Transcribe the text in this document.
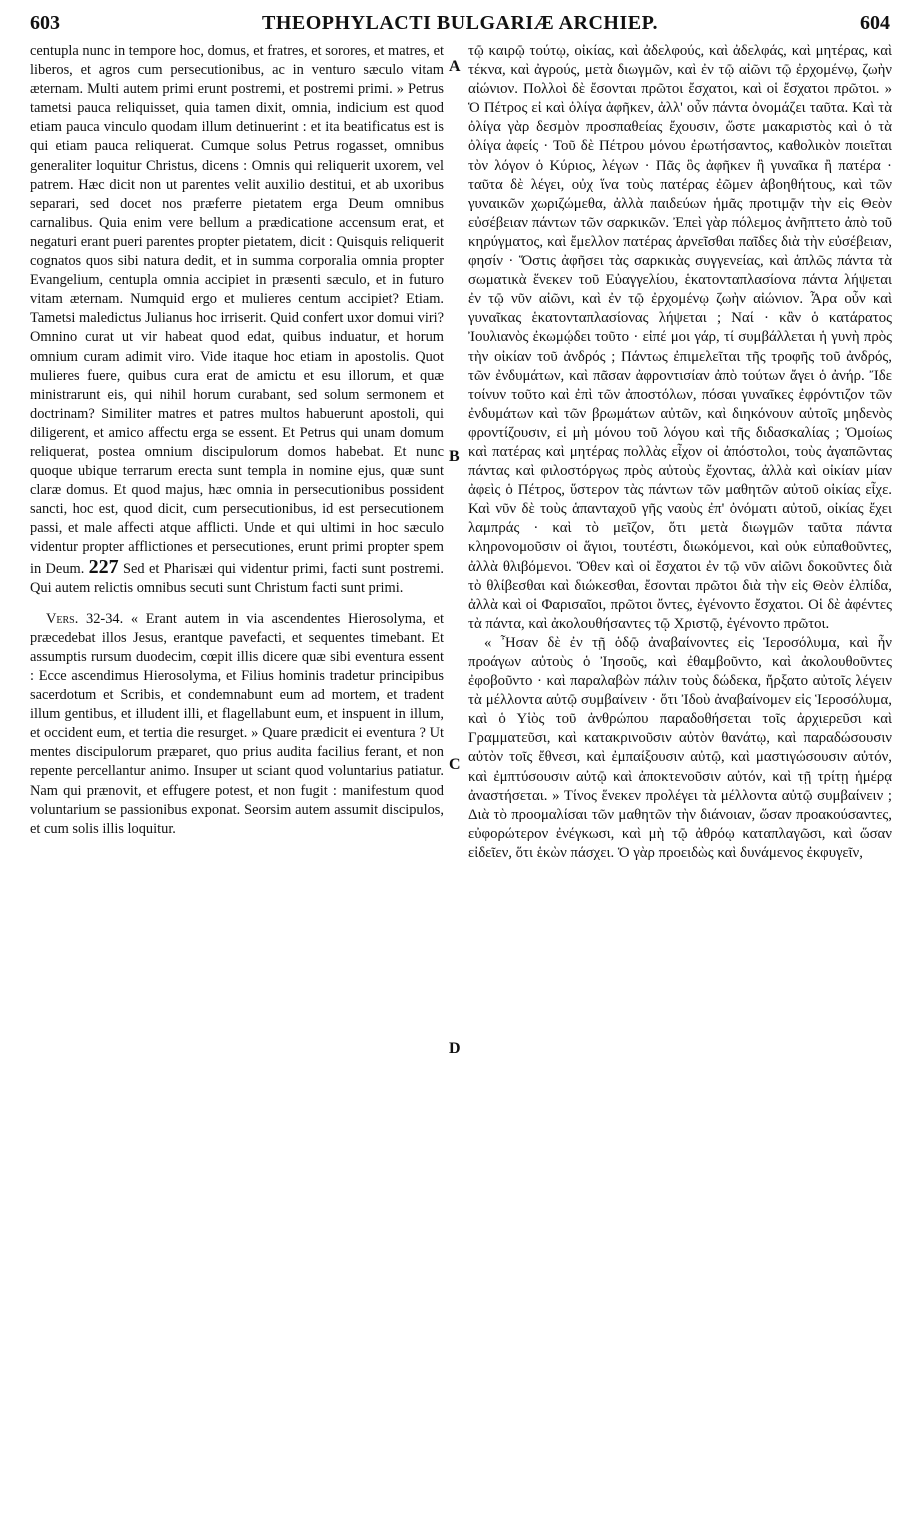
603	THEOPHYLACTI BULGARIÆ ARCHIEP.	604
A
B
C
D

centupla nunc in tempore hoc, domus, et fratres, et sorores, et matres, et liberos, et agros cum persecutionibus, ac in venturo sæculo vitam æternam. Multi autem primi erunt postremi, et postremi primi. » Petrus tametsi pauca reliquisset, quia tamen dixit, omnia, indicium est quod etiam pauca vinculo quodam illum detinuerint : et ita beatificatus est is qui etiam pauca reliquerat. Cumque solus Petrus rogasset, omnibus generaliter loquitur Christus, dicens : Omnis qui reliquerit uxorem, vel patrem. Hæc dicit non ut parentes velit auxilio destitui, et ab uxoribus separari, sed docet nos præferre pietatem erga Deum omnibus carnalibus. Quia enim vere bellum a prædicatione accensum erat, et negaturi erant pueri parentes propter pietatem, dicit : Quisquis reliquerit cognatos quos sibi natura dedit, et in summa corporalia omnia propter Evangelium, centupla omnia accipiet in præsenti sæculo, et in futuro vitam æternam. Numquid ergo et mulieres centum accipiet? Etiam. Tametsi maledictus Julianus hoc irriserit. Quid confert uxor domui viri? Omnino curat ut vir habeat quod edat, quibus induatur, et horum omnium curam adimit viro. Vide itaque hoc etiam in apostolis. Quot mulieres fuere, quibus cura erat de amictu et esu illorum, et quæ ministrarunt eis, qui nihil horum curabant, sed solum sermonem et doctrinam? Similiter matres et patres multos habuerunt apostoli, qui diligerent, et amico affectu erga se essent. Et Petrus qui unam domum reliquerat, postea omnium discipulorum domos habebat. Et nunc quoque ubique terrarum erecta sunt templa in nomine ejus, quæ sunt claræ domus. Et quod majus, hæc omnia in persecutionibus possident sancti, hoc est, quod dicit, cum persecutionibus, id est persecutionem passi, et male affecti atque afflicti. Unde et qui ultimi in hoc sæculo videntur propter afflictiones et persecutiones, erunt primi propter spem in Deum. 227 Sed et Pharisæi qui videntur primi, facti sunt postremi. Qui autem relictis omnibus secuti sunt Christum facti sunt primi.

Vers. 32-34. « Erant autem in via ascendentes Hierosolyma, et præcedebat illos Jesus, erantque pavefacti, et sequentes timebant. Et assumptis rursum duodecim, cœpit illis dicere quæ sibi eventura essent : Ecce ascendimus Hierosolyma, et Filius hominis tradetur principibus sacerdotum et Scribis, et condemnabunt eum ad mortem, et tradent illum gentibus, et illudent illi, et flagellabunt eum, et inspuent in illum, et occident eum, et tertia die resurget. » Quare prædicit ei eventura ? Ut mentes discipulorum præparet, quo prius audita facilius ferant, et non repente percellantur animo. Insuper ut sciant quod voluntarius patiatur. Nam qui prænovit, et effugere potest, et non fugit : manifestum quod voluntarium se passionibus exponat. Seorsim autem assumit discipulos, et cum solis illis loquitur.

τῷ καιρῷ τούτῳ, οἰκίας, καὶ ἀδελφούς, καὶ ἀδελφάς, καὶ μητέρας, καὶ τέκνα, καὶ ἀγρούς, μετὰ διωγμῶν, καὶ ἐν τῷ αἰῶνι τῷ ἐρχομένῳ, ζωὴν αἰώνιον. Πολλοὶ δὲ ἔσονται πρῶτοι ἔσχατοι, καὶ οἱ ἔσχατοι πρῶτοι. » Ὁ Πέτρος εἰ καὶ ὀλίγα ἀφῆκεν, ἀλλ' οὖν πάντα ὀνομάζει ταῦτα. Καὶ τὰ ὀλίγα γὰρ δεσμὸν προσπαθείας ἔχουσιν, ὥστε μακαριστὸς καὶ ὁ τὰ ὀλίγα ἀφείς · Τοῦ δὲ Πέτρου μόνου ἐρωτήσαντος, καθολικὸν ποιεῖται τὸν λόγον ὁ Κύριος, λέγων · Πᾶς ὃς ἀφῆκεν ἢ γυναῖκα ἢ πατέρα · ταῦτα δὲ λέγει, οὐχ ἵνα τοὺς πατέρας ἐῶμεν ἀβοηθήτους, καὶ τῶν γυναικῶν χωριζώμεθα, ἀλλὰ παιδεύων ἡμᾶς προτιμᾷν τὴν εἰς Θεὸν εὐσέβειαν πάντων τῶν σαρκικῶν. Ἐπεὶ γὰρ πόλεμος ἀνῆπτετο ἀπὸ τοῦ κηρύγματος, καὶ ἔμελλον πατέρας ἀρνεῖσθαι παῖδες διὰ τὴν εὐσέβειαν, φησίν · Ὅστις ἀφῆσει τὰς σαρκικὰς συγγενείας, καὶ ἁπλῶς πάντα τὰ σωματικὰ ἕνεκεν τοῦ Εὐαγγελίου, ἑκατονταπλασίονα πάντα λήψεται ἐν τῷ νῦν αἰῶνι, καὶ ἐν τῷ ἐρχομένῳ ζωὴν αἰώνιον. Ἆρα οὖν καὶ γυναῖκας ἑκατονταπλασίονας λήψεται ; Ναί · κἂν ὁ κατάρατος Ἰουλιανὸς ἐκωμῴδει τοῦτο · εἰπέ μοι γάρ, τί συμβάλλεται ἡ γυνὴ πρὸς τὴν οἰκίαν τοῦ ἀνδρός ; Πάντως ἐπιμελεῖται τῆς τροφῆς τοῦ ἀνδρός, τῶν ἐνδυμάτων, καὶ πᾶσαν ἀφροντισίαν ἀπὸ τούτων ἄγει ὁ ἀνήρ. Ἴδε τοίνυν τοῦτο καὶ ἐπὶ τῶν ἀποστόλων, πόσαι γυναῖκες ἐφρόντιζον τῶν ἐνδυμάτων καὶ τῶν βρωμάτων αὐτῶν, καὶ διηκόνουν αὐτοῖς μηδενὸς φροντίζουσιν, εἰ μὴ μόνου τοῦ λόγου καὶ τῆς διδασκαλίας ; Ὁμοίως καὶ πατέρας καὶ μητέρας πολλὰς εἶχον οἱ ἀπόστολοι, τοὺς ἀγαπῶντας πάντας καὶ φιλοστόργως πρὸς αὐτοὺς ἔχοντας, ἀλλὰ καὶ οἰκίαν μίαν ἀφεὶς ὁ Πέτρος, ὕστερον τὰς πάντων τῶν μαθητῶν αὐτοῦ οἰκίας εἶχε. Καὶ νῦν δὲ τοὺς ἁπανταχοῦ γῆς ναοὺς ἐπ' ὀνόματι αὐτοῦ, οἰκίας ἔχει λαμπράς · καὶ τὸ μεῖζον, ὅτι μετὰ διωγμῶν ταῦτα πάντα κληρονομοῦσιν οἱ ἅγιοι, τουτέστι, διωκόμενοι, καὶ οὐκ εὐπαθοῦντες, ἀλλὰ θλιβόμενοι. Ὅθεν καὶ οἱ ἔσχατοι ἐν τῷ νῦν αἰῶνι δοκοῦντες διὰ τὸ θλίβεσθαι καὶ διώκεσθαι, ἔσονται πρῶτοι διὰ τὴν εἰς Θεὸν ἐλπίδα, ἀλλὰ καὶ οἱ Φαρισαῖοι, πρῶτοι ὄντες, ἐγένοντο ἔσχατοι. Οἱ δὲ ἀφέντες τὰ πάντα, καὶ ἀκολουθήσαντες τῷ Χριστῷ, ἐγένοντο πρῶτοι.

« Ἦσαν δὲ ἐν τῇ ὁδῷ ἀναβαίνοντες εἰς Ἱεροσόλυμα, καὶ ἦν προάγων αὐτοὺς ὁ Ἰησοῦς, καὶ ἐθαμβοῦντο, καὶ ἀκολουθοῦντες ἐφοβοῦντο · καὶ παραλαβὼν πάλιν τοὺς δώδεκα, ἤρξατο αὐτοῖς λέγειν τὰ μέλλοντα αὐτῷ συμβαίνειν · ὅτι Ἰδοὺ ἀναβαίνομεν εἰς Ἱεροσόλυμα, καὶ ὁ Υἱὸς τοῦ ἀνθρώπου παραδοθήσεται τοῖς ἀρχιερεῦσι καὶ Γραμματεῦσι, καὶ κατακρινοῦσιν αὐτὸν θανάτῳ, καὶ παραδώσουσιν αὐτὸν τοῖς ἔθνεσι, καὶ ἐμπαίξουσιν αὐτῷ, καὶ μαστιγώσουσιν αὐτόν, καὶ ἐμπτύσουσιν αὐτῷ καὶ ἀποκτενοῦσιν αὐτόν, καὶ τῇ τρίτῃ ἡμέρᾳ ἀναστήσεται. » Τίνος ἕνεκεν προλέγει τὰ μέλλοντα αὐτῷ συμβαίνειν ; Διὰ τὸ προομαλίσαι τῶν μαθητῶν τὴν διάνοιαν, ὥσαν προακούσαντες, εὐφορώτερον ἐνέγκωσι, καὶ μὴ τῷ ἀθρόῳ καταπλαγῶσι, καὶ ὥσαν εἰδεῖεν, ὅτι ἑκὼν πάσχει. Ὁ γὰρ προειδὼς καὶ δυνάμενος ἐκφυγεῖν,
